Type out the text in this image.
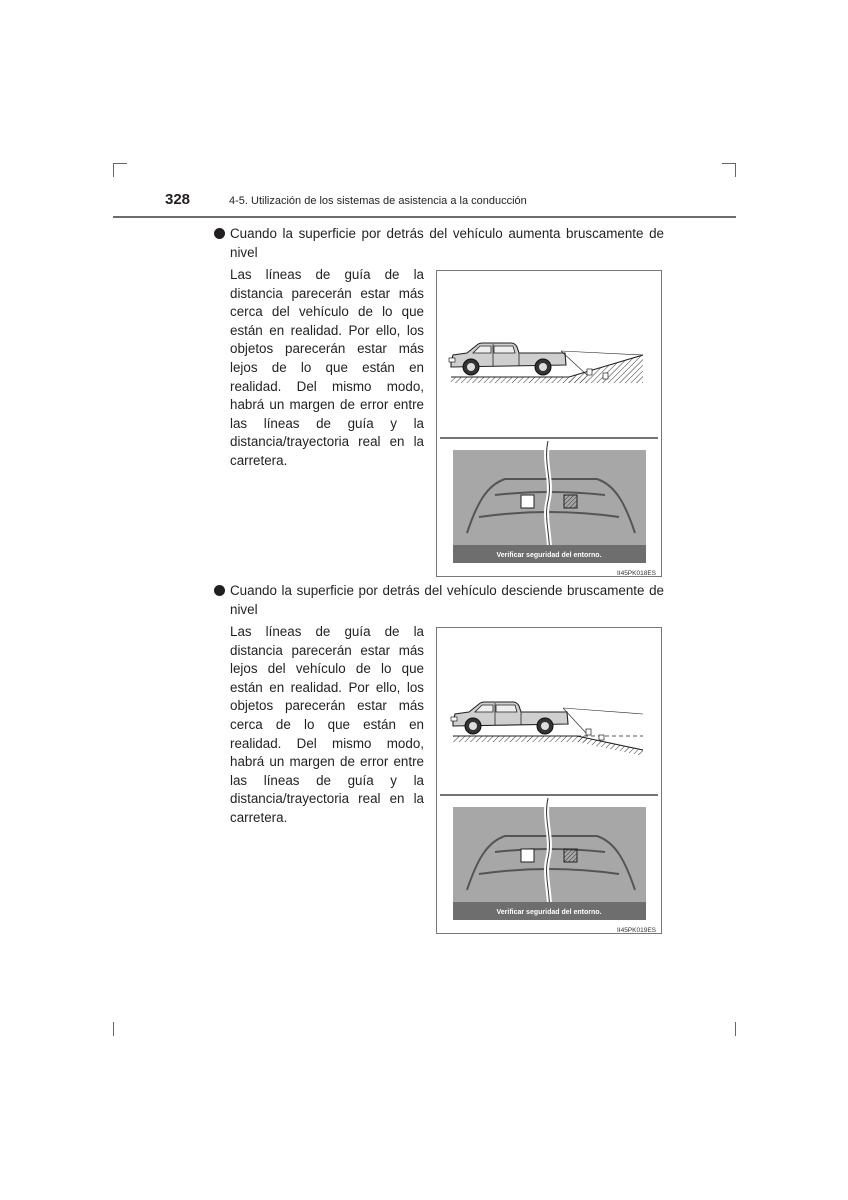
328	4-5. Utilización de los sistemas de asistencia a la conducción
Cuando la superficie por detrás del vehículo aumenta bruscamente de nivel
Las líneas de guía de la distancia parecerán estar más cerca del vehículo de lo que están en realidad. Por ello, los objetos parecerán estar más lejos de lo que están en realidad. Del mismo modo, habrá un margen de error entre las líneas de guía y la distancia/trayectoria real en la carretera.
Verificar seguridad del entorno.
II45PK018ES
Cuando la superficie por detrás del vehículo desciende bruscamente de nivel
Las líneas de guía de la distancia parecerán estar más lejos del vehículo de lo que están en realidad. Por ello, los objetos parecerán estar más cerca de lo que están en realidad. Del mismo modo, habrá un margen de error entre las líneas de guía y la distancia/trayectoria real en la carretera.
Verificar seguridad del entorno.
II45PK019ES
